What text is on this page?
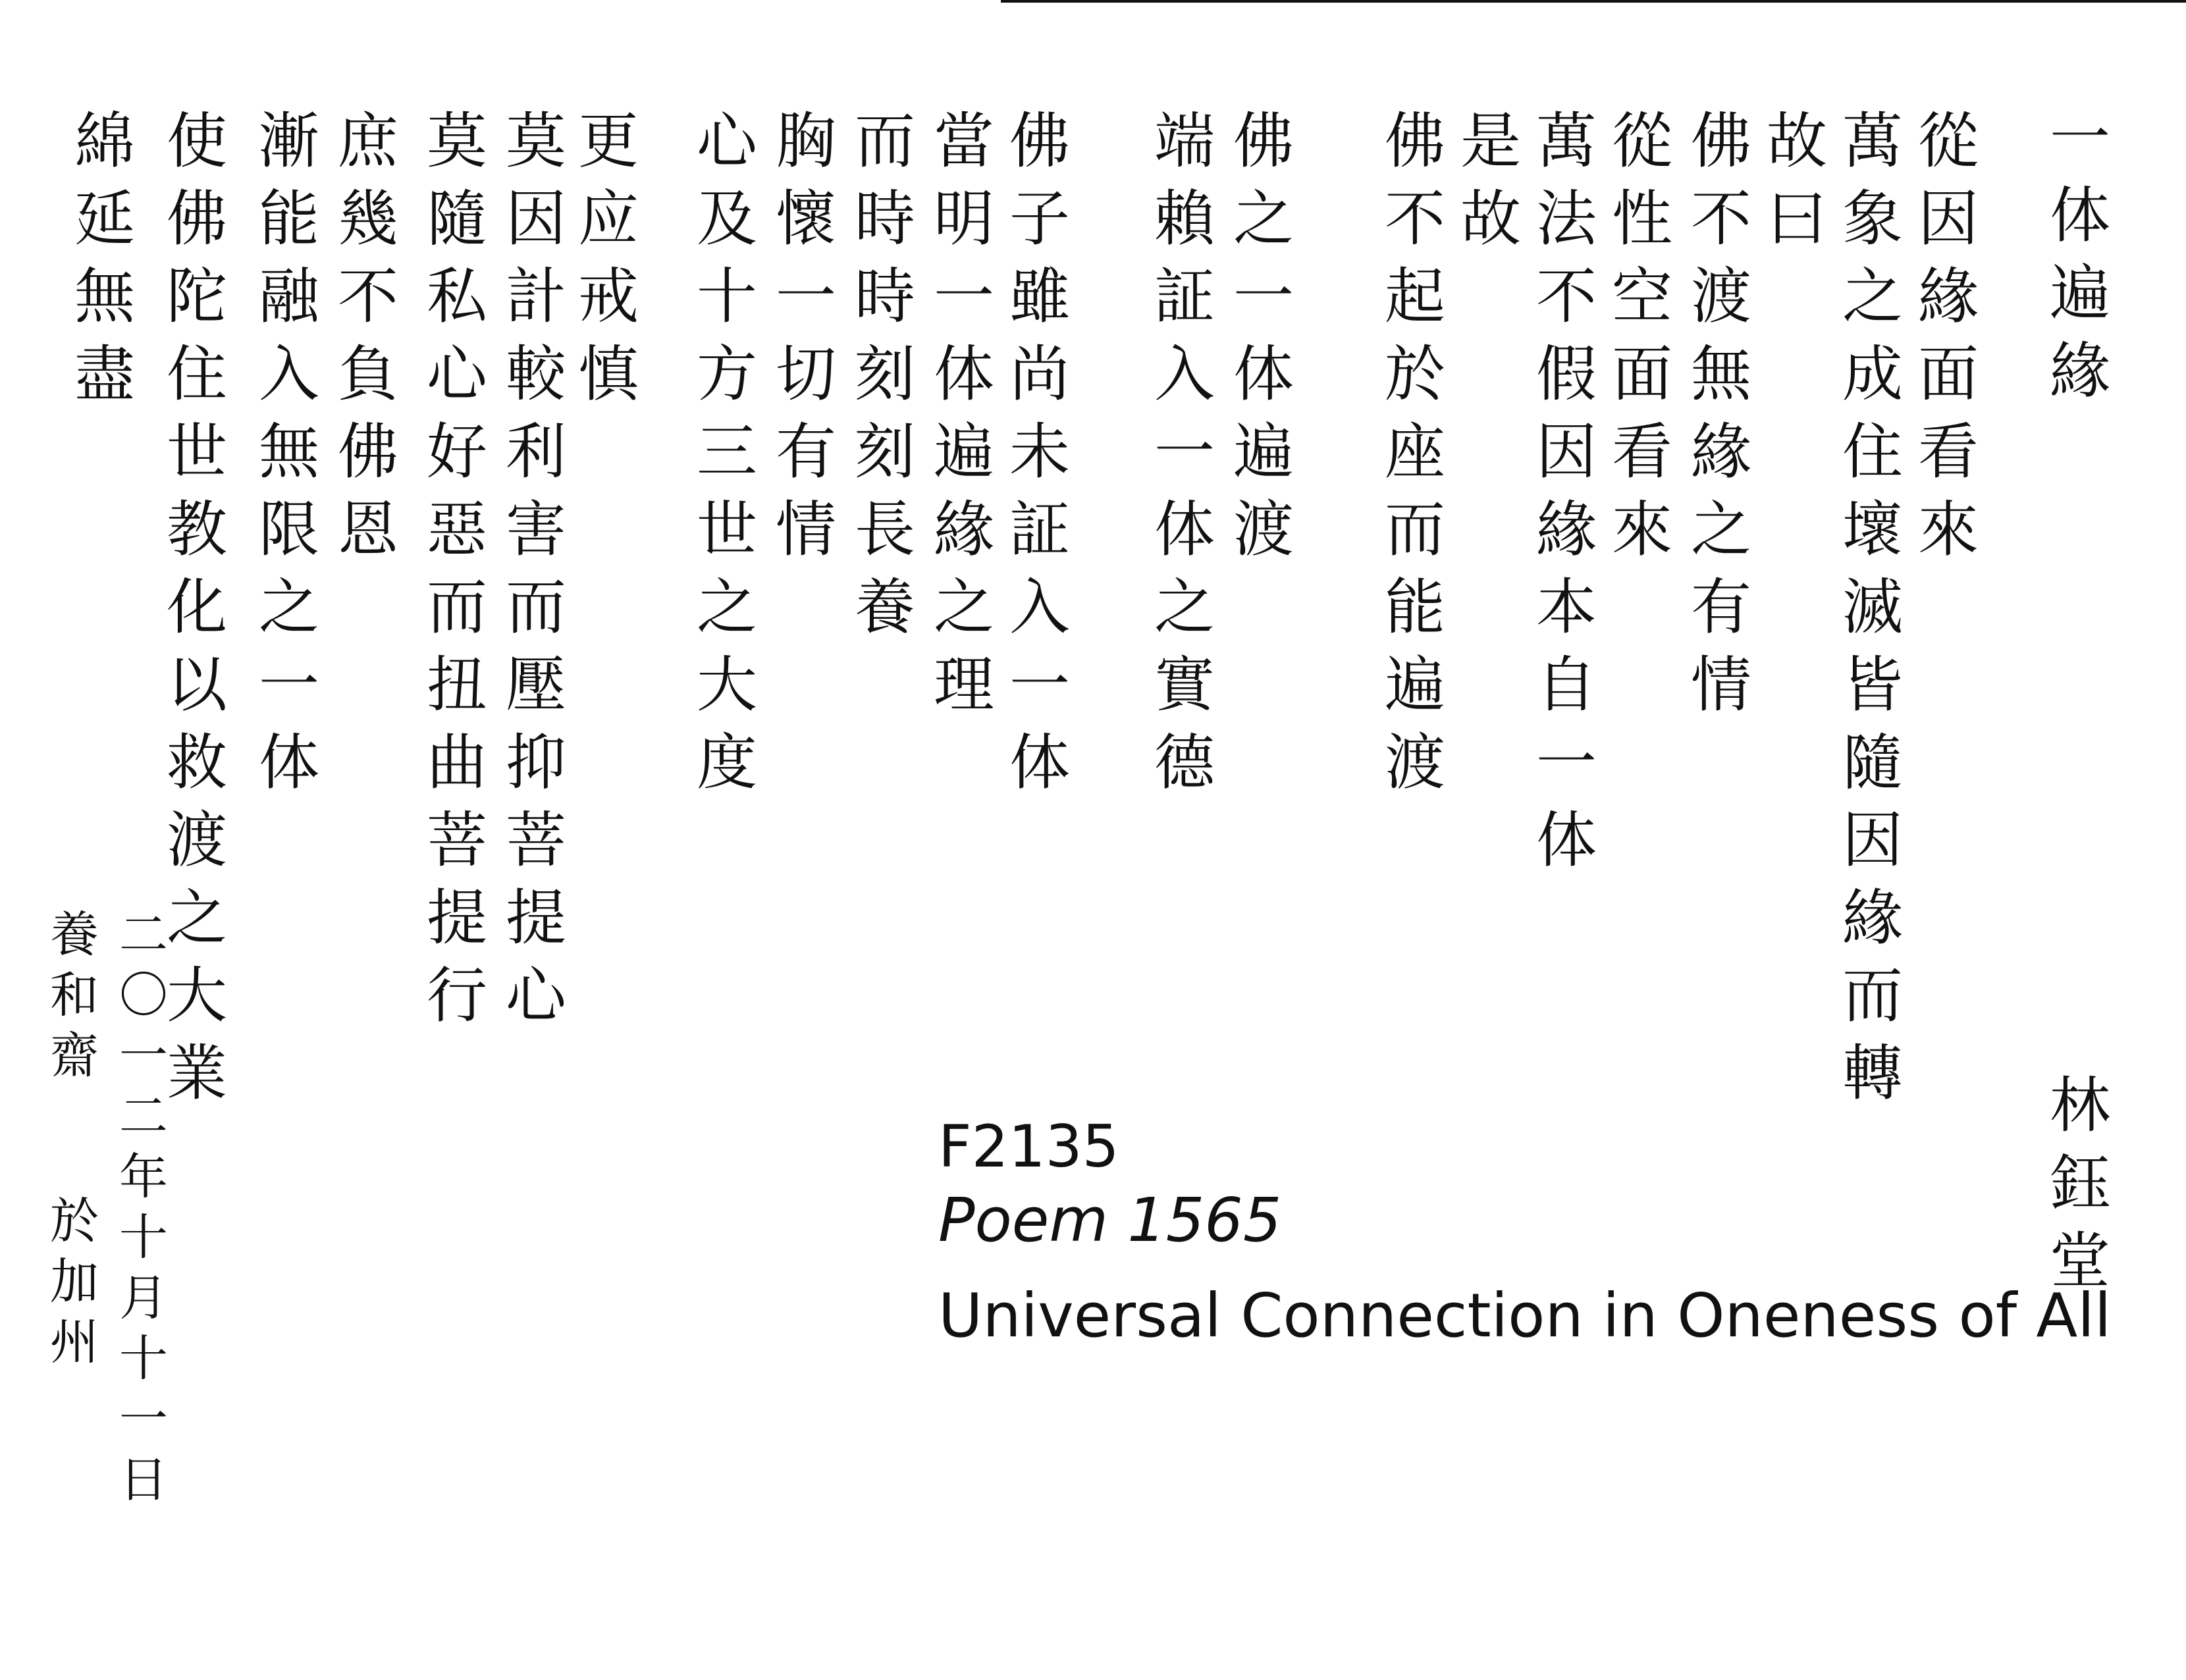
一体遍緣
林鈺堂
從因緣面看來
萬象之成住壞滅皆隨因緣而轉
故曰
佛不渡無緣之有情
從性空面看來
萬法不假因緣本自一体
是故
佛不起於座而能遍渡
佛之一体遍渡
端賴証入一体之實德
佛子雖尚未証入一体
當明一体遍緣之理
而時時刻刻長養
胸懷一切有情
心及十方三世之大度
更应戒慎
莫因計較利害而壓抑菩提心
莫隨私心好惡而扭曲菩提行
庶幾不負佛恩
漸能融入無限之一体
使佛陀住世教化以救渡之大業
綿延無盡
二〇一二年十月十一日
養和齋
於加州
F2135
Poem 1565
Universal Connection in Oneness of All
